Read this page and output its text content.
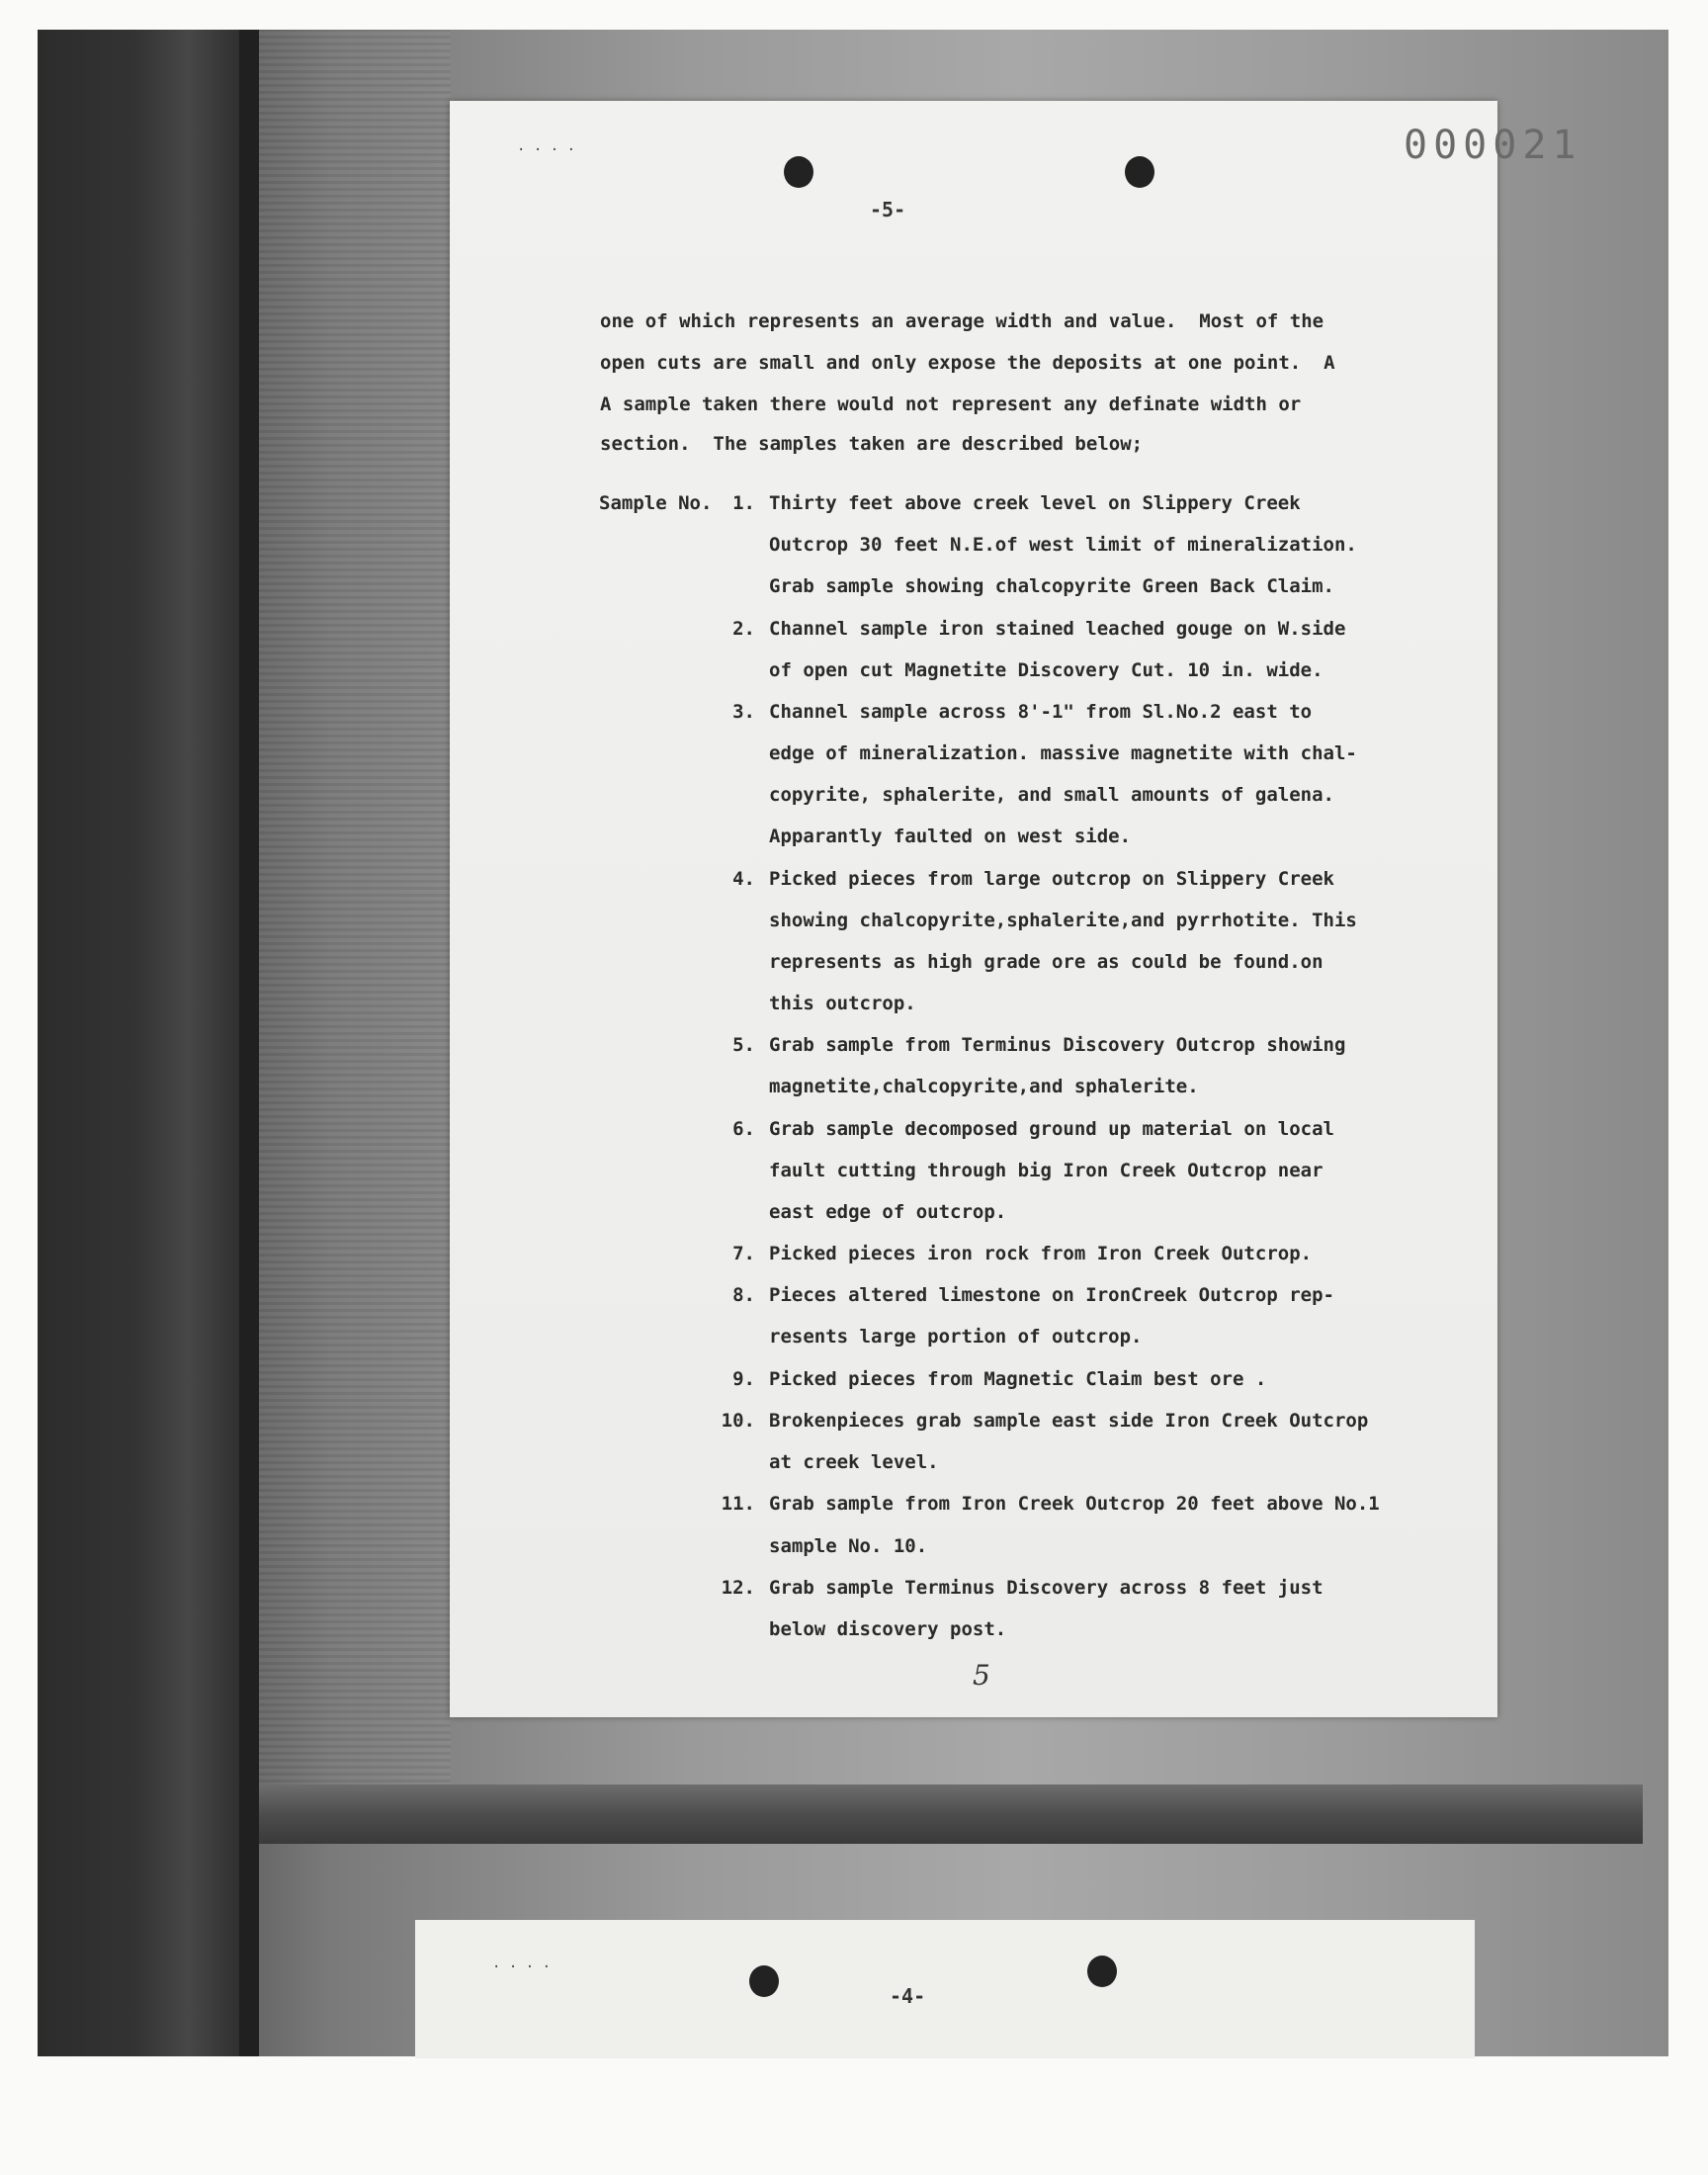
· · · ·
-4-
· · · ·	000021
-5-
one of which represents an average width and value.  Most of the
open cuts are small and only expose the deposits at one point.  A
A sample taken there would not represent any definate width or
section.  The samples taken are described below;
Sample No.	1. Thirty feet above creek level on Slippery Creek
Outcrop 30 feet N.E.of west limit of mineralization.
Grab sample showing chalcopyrite Green Back Claim.
2. Channel sample iron stained leached gouge on W.side
of open cut Magnetite Discovery Cut. 10 in. wide.
3. Channel sample across 8'-1" from Sl.No.2 east to
edge of mineralization. massive magnetite with chal-
copyrite, sphalerite, and small amounts of galena.
Apparantly faulted on west side.
4. Picked pieces from large outcrop on Slippery Creek
showing chalcopyrite,sphalerite,and pyrrhotite. This
represents as high grade ore as could be found.on
this outcrop.
5. Grab sample from Terminus Discovery Outcrop showing
magnetite,chalcopyrite,and sphalerite.
6. Grab sample decomposed ground up material on local
fault cutting through big Iron Creek Outcrop near
east edge of outcrop.
7. Picked pieces iron rock from Iron Creek Outcrop.
8. Pieces altered limestone on IronCreek Outcrop rep-
resents large portion of outcrop.
9. Picked pieces from Magnetic Claim best ore .
10. Brokenpieces grab sample east side Iron Creek Outcrop
at creek level.
11. Grab sample from Iron Creek Outcrop 20 feet above No.1
sample No. 10.
12. Grab sample Terminus Discovery across 8 feet just
below discovery post.
5
